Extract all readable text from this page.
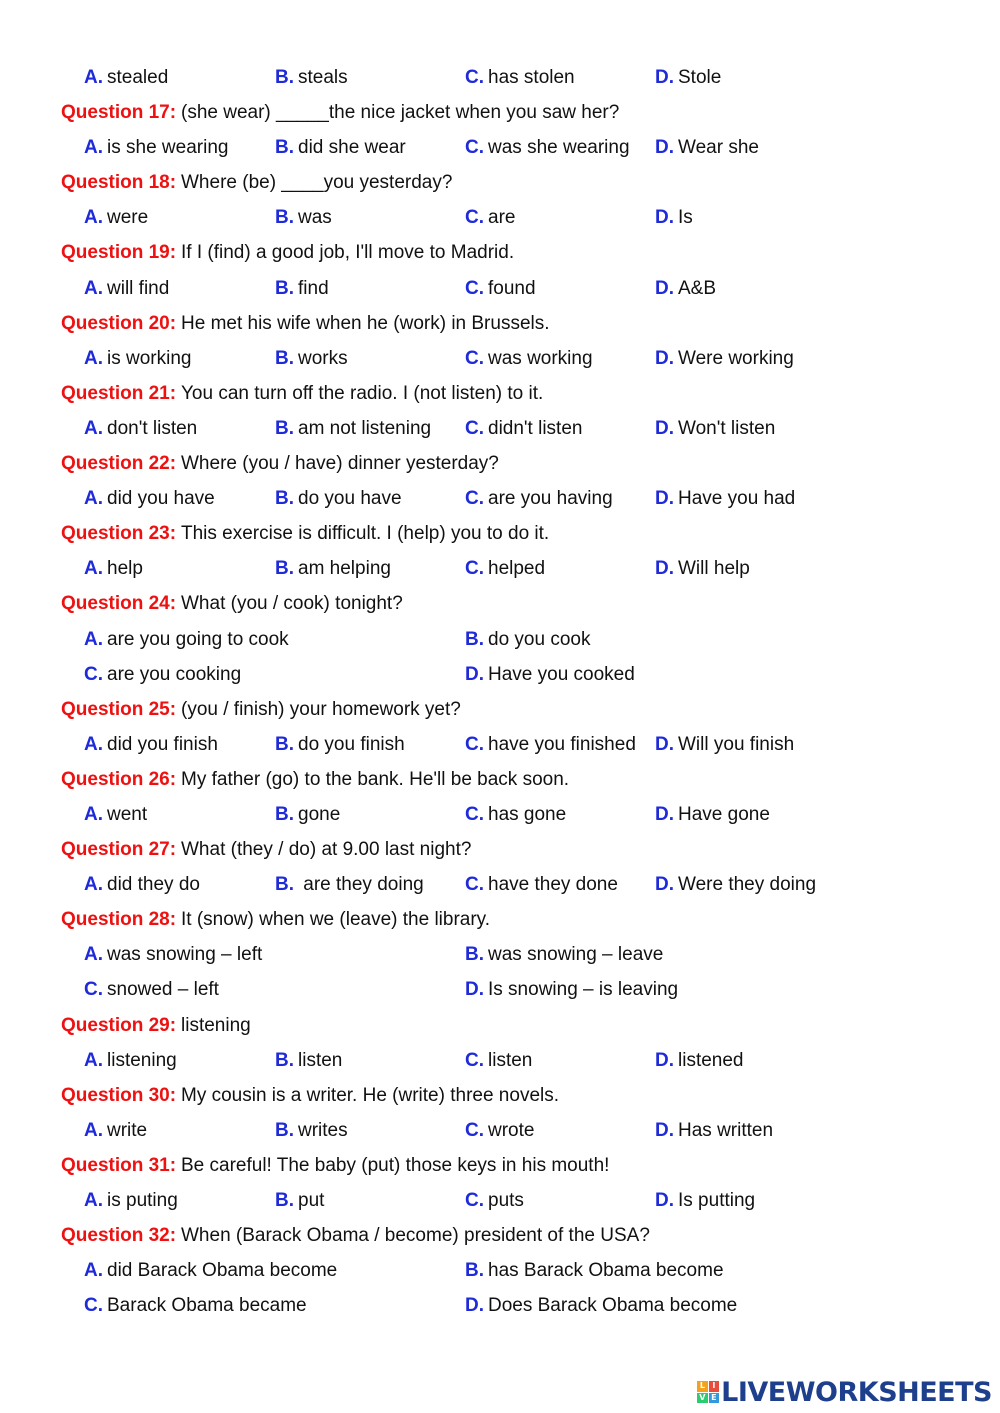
A. stealed	B. steals	C. has stolen	D. Stole
Question 17: (she wear) _____the nice jacket when you saw her?
A. is she wearing B. did she wear	C. was she wearing D. Wear she
Question 18: Where (be) ____you yesterday?
A. were	B. was	C. are	D. Is
Question 19: If I (find) a good job, I'll move to Madrid.
A. will find	B. find	C. found	D. A&B
Question 20: He met his wife when he (work) in Brussels.
A. is working	B. works	C. was working	D. Were working
Question 21: You can turn off the radio. I (not listen) to it.
A. don't listen	B. am not listening C. didn't listen	D. Won't listen
Question 22: Where (you / have) dinner yesterday?
A. did you have	B. do you have	C. are you having D. Have you had
Question 23: This exercise is difficult. I (help) you to do it.
A. help	B. am helping	C. helped	D. Will help
Question 24: What (you / cook) tonight?
A. are you going to cook	B. do you cook
C. are you cooking	D. Have you cooked
Question 25: (you / finish) your homework yet?
A. did you finish	B. do you finish	C. have you finished D. Will you finish
Question 26: My father (go) to the bank. He'll be back soon.
A. went	B. gone	C. has gone	D. Have gone
Question 27: What (they / do) at 9.00 last night?
A. did they do	B. are they doing C. have they done D. Were they doing
Question 28: It (snow) when we (leave) the library.
A. was snowing – left	B. was snowing – leave
C. snowed – left	D. Is snowing – is leaving
Question 29: listening
A. listening	B. listen	C. listen	D. listened
Question 30: My cousin is a writer. He (write) three novels.
A. write	B. writes	C. wrote	D. Has written
Question 31: Be careful! The baby (put) those keys in his mouth!
A. is puting	B. put	C. puts	D. Is putting
Question 32: When (Barack Obama / become) president of the USA?
A. did Barack Obama become	B. has Barack Obama become
C. Barack Obama became	D. Does Barack Obama become
L I
V E LIVEWORKSHEETS
